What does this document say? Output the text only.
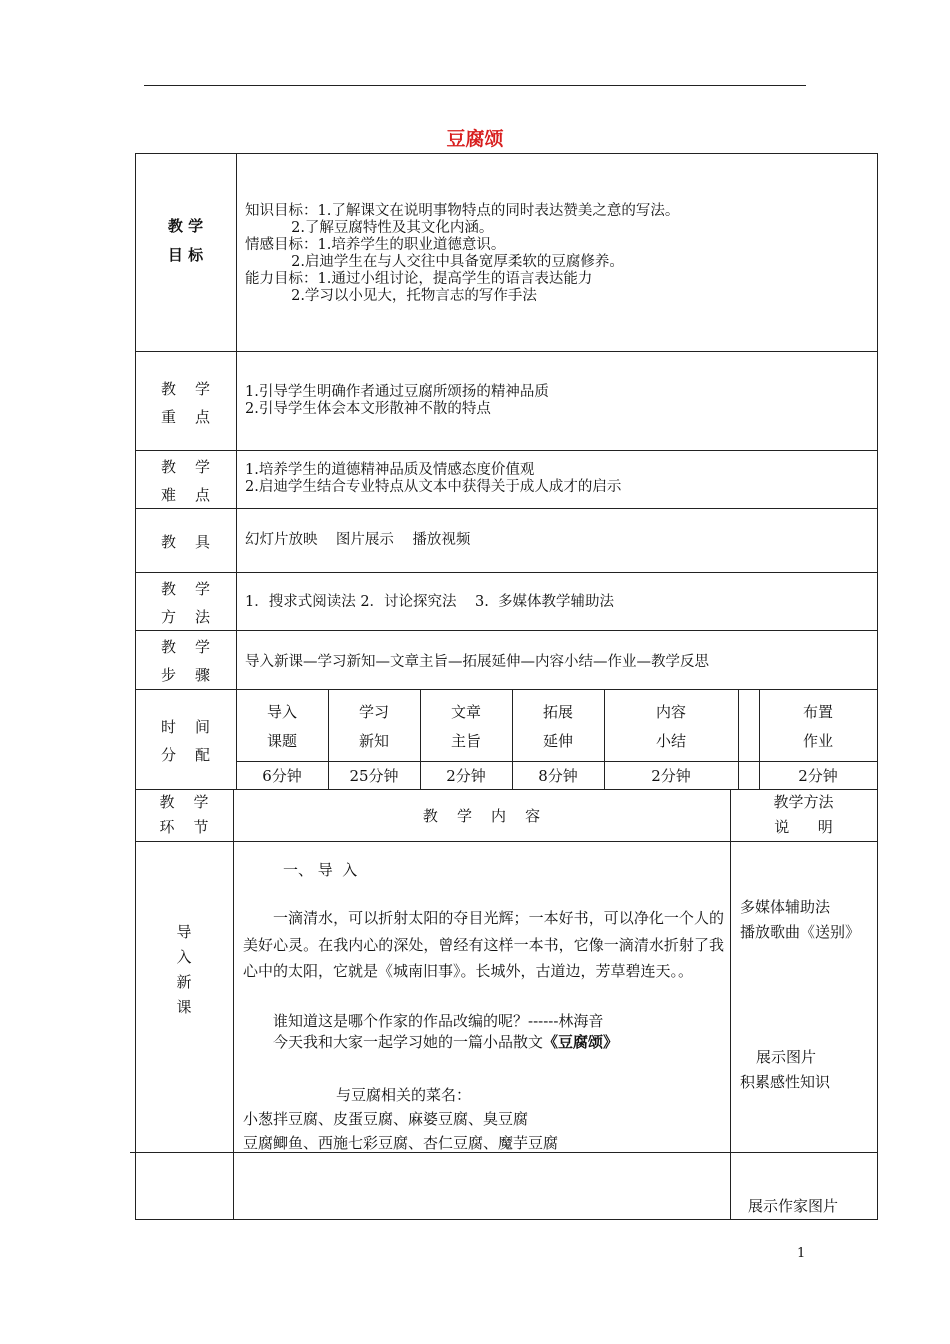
豆腐颂
教 学
目 标
知识目标：1.了解课文在说明事物特点的同时表达赞美之意的写法。
2.了解豆腐特性及其文化内涵。
情感目标：1.培养学生的职业道德意识。
2.启迪学生在与人交往中具备宽厚柔软的豆腐修养。
能力目标：1.通过小组讨论，提高学生的语言表达能力
2.学习以小见大，托物言志的写作手法
教    学
重    点
1.引导学生明确作者通过豆腐所颂扬的精神品质
2.引导学生体会本文形散神不散的特点
教    学
难    点
1.培养学生的道德精神品质及情感态度价值观
2.启迪学生结合专业特点从文本中获得关于成人成才的启示
教    具	幻灯片放映    图片展示    播放视频
教    学
方    法
1．搜求式阅读法 2．讨论探究法    3.  多媒体教学辅助法
教    学
步    骤
导入新课—学习新知—文章主旨—拓展延伸—内容小结—作业—教学反思
时    间
分    配
导入
课题
6分钟
学习
新知
25分钟
文章
主旨
2分钟
拓展
延伸
8分钟
内容
小结
2分钟
布置
作业
2分钟
教    学
环    节
教    学    内    容
教学方法
说      明
导
入
新
课
一、 导  入
一滴清水，可以折射太阳的夺目光辉；一本好书，可以净化一个人的美好心灵。在我内心的深处，曾经有这样一本书，它像一滴清水折射了我心中的太阳，它就是《城南旧事》。长城外，古道边，芳草碧连天。。
谁知道这是哪个作家的作品改编的呢？------林海音
今天我和大家一起学习她的一篇小品散文《豆腐颂》
与豆腐相关的菜名：
小葱拌豆腐、皮蛋豆腐、麻婆豆腐、臭豆腐
豆腐鲫鱼、西施七彩豆腐、杏仁豆腐、魔芋豆腐
多媒体辅助法
播放歌曲《送别》
展示图片
积累感性知识
展示作家图片
1
